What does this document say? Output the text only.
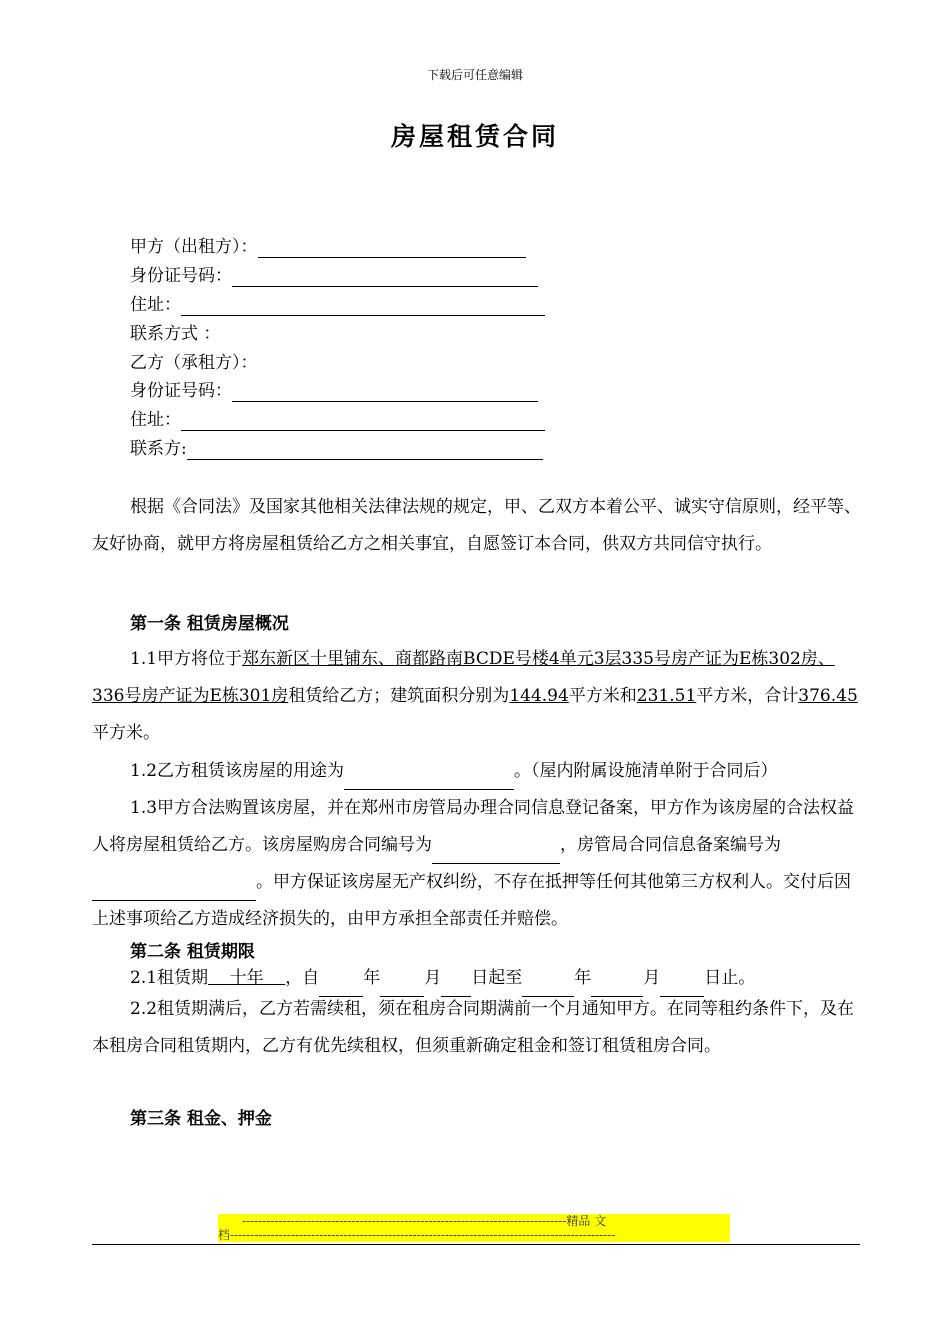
下载后可任意编辑
房屋租赁合同
甲方（出租方）：
身份证号码：
住址：
联系方式 ：
乙方（承租方）：
身份证号码：
住址：
联系方:
根据《合同法》及国家其他相关法律法规的规定，甲、乙双方本着公平、诚实守信原则，经平等、友好协商，就甲方将房屋租赁给乙方之相关事宜，自愿签订本合同，供双方共同信守执行。
第一条 租赁房屋概况
1.1甲方将位于郑东新区十里铺东、商都路南BCDE号楼4单元3层335号房产证为E栋302房、336号房产证为E栋301房租赁给乙方；建筑面积分别为144.94平方米和231.51平方米，合计376.45平方米。
1.2乙方租赁该房屋的用途为	。（屋内附属设施清单附于合同后）
1.3甲方合法购置该房屋，并在郑州市房管局办理合同信息登记备案，甲方作为该房屋的合法权益人将房屋租赁给乙方。该房屋购房合同编号为	，房管局合同信息备案编号为。甲方保证该房屋无产权纠纷，不存在抵押等任何其他第三方权利人。交付后因上述事项给乙方造成经济损失的，由甲方承担全部责任并赔偿。
第二条 租赁期限
2.1租赁期 十年 ，自	年	月 日起至	年	月	日止。
2.2租赁期满后，乙方若需续租，须在租房合同期满前一个月通知甲方。在同等租约条件下，及在本租房合同租赁期内，乙方有优先续租权，但须重新确定租金和签订租赁租房合同。
第三条 租金、押金
--------------------------------------------------------------------------------精品 文
档-----------------------------------------------------------------------------------------------
